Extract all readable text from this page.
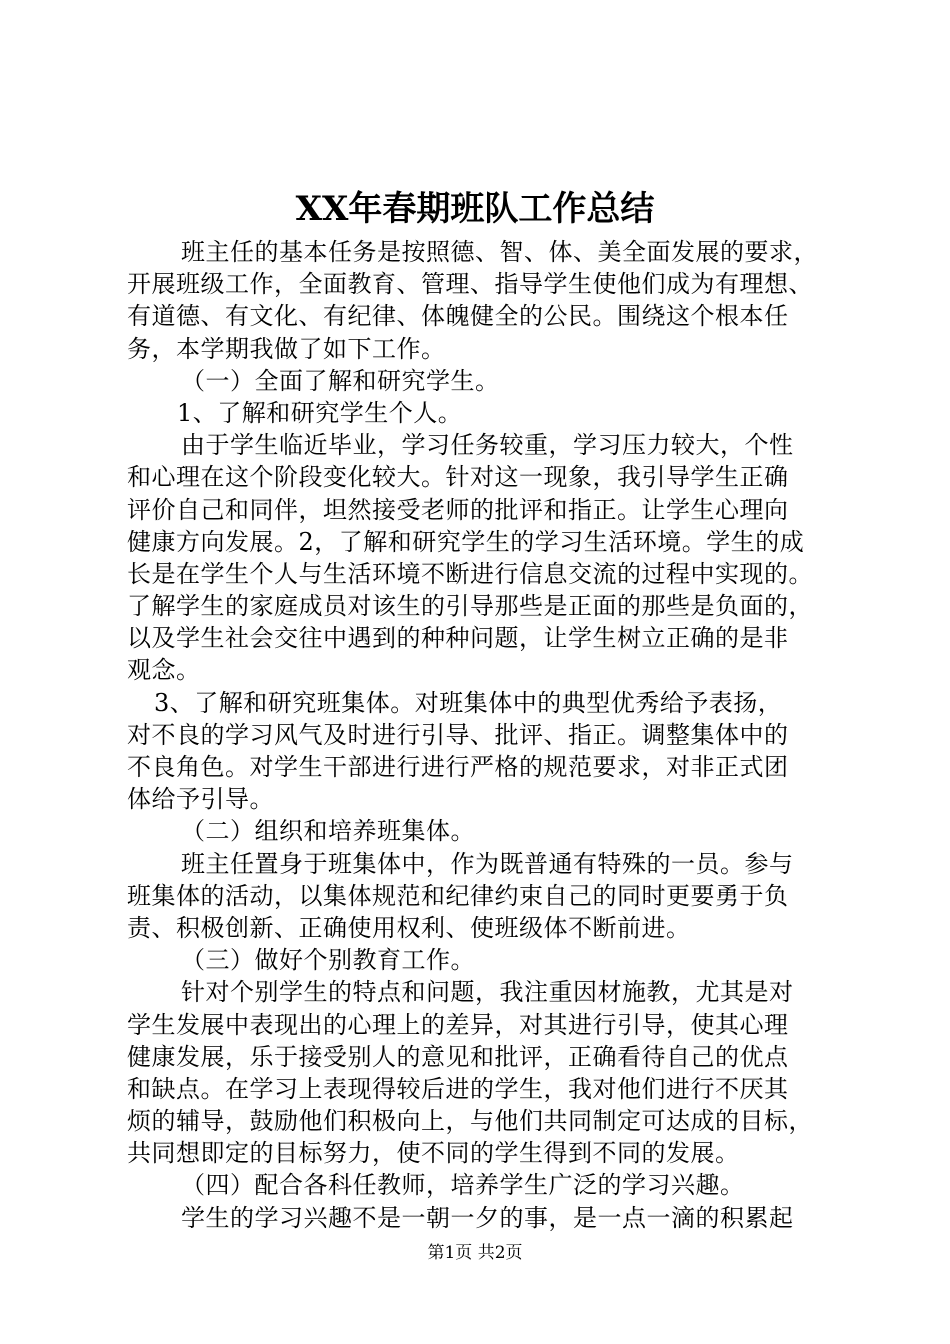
XX年春期班队工作总结
班主任的基本任务是按照德、智、体、美全面发展的要求，
开展班级工作，全面教育、管理、指导学生使他们成为有理想、
有道德、有文化、有纪律、体魄健全的公民。围绕这个根本任
务，本学期我做了如下工作。
（一）全面了解和研究学生。
1、了解和研究学生个人。
由于学生临近毕业，学习任务较重，学习压力较大，个性
和心理在这个阶段变化较大。针对这一现象，我引导学生正确
评价自己和同伴，坦然接受老师的批评和指正。让学生心理向
健康方向发展。2，了解和研究学生的学习生活环境。学生的成
长是在学生个人与生活环境不断进行信息交流的过程中实现的。
了解学生的家庭成员对该生的引导那些是正面的那些是负面的，
以及学生社会交往中遇到的种种问题，让学生树立正确的是非
观念。
3、了解和研究班集体。对班集体中的典型优秀给予表扬，
对不良的学习风气及时进行引导、批评、指正。调整集体中的
不良角色。对学生干部进行进行严格的规范要求，对非正式团
体给予引导。
（二）组织和培养班集体。
班主任置身于班集体中，作为既普通有特殊的一员。参与
班集体的活动，以集体规范和纪律约束自己的同时更要勇于负
责、积极创新、正确使用权利、使班级体不断前进。
（三）做好个别教育工作。
针对个别学生的特点和问题，我注重因材施教，尤其是对
学生发展中表现出的心理上的差异，对其进行引导，使其心理
健康发展，乐于接受别人的意见和批评，正确看待自己的优点
和缺点。在学习上表现得较后进的学生，我对他们进行不厌其
烦的辅导，鼓励他们积极向上，与他们共同制定可达成的目标，
共同想即定的目标努力，使不同的学生得到不同的发展。
（四）配合各科任教师，培养学生广泛的学习兴趣。
学生的学习兴趣不是一朝一夕的事，是一点一滴的积累起
第1页 共2页
